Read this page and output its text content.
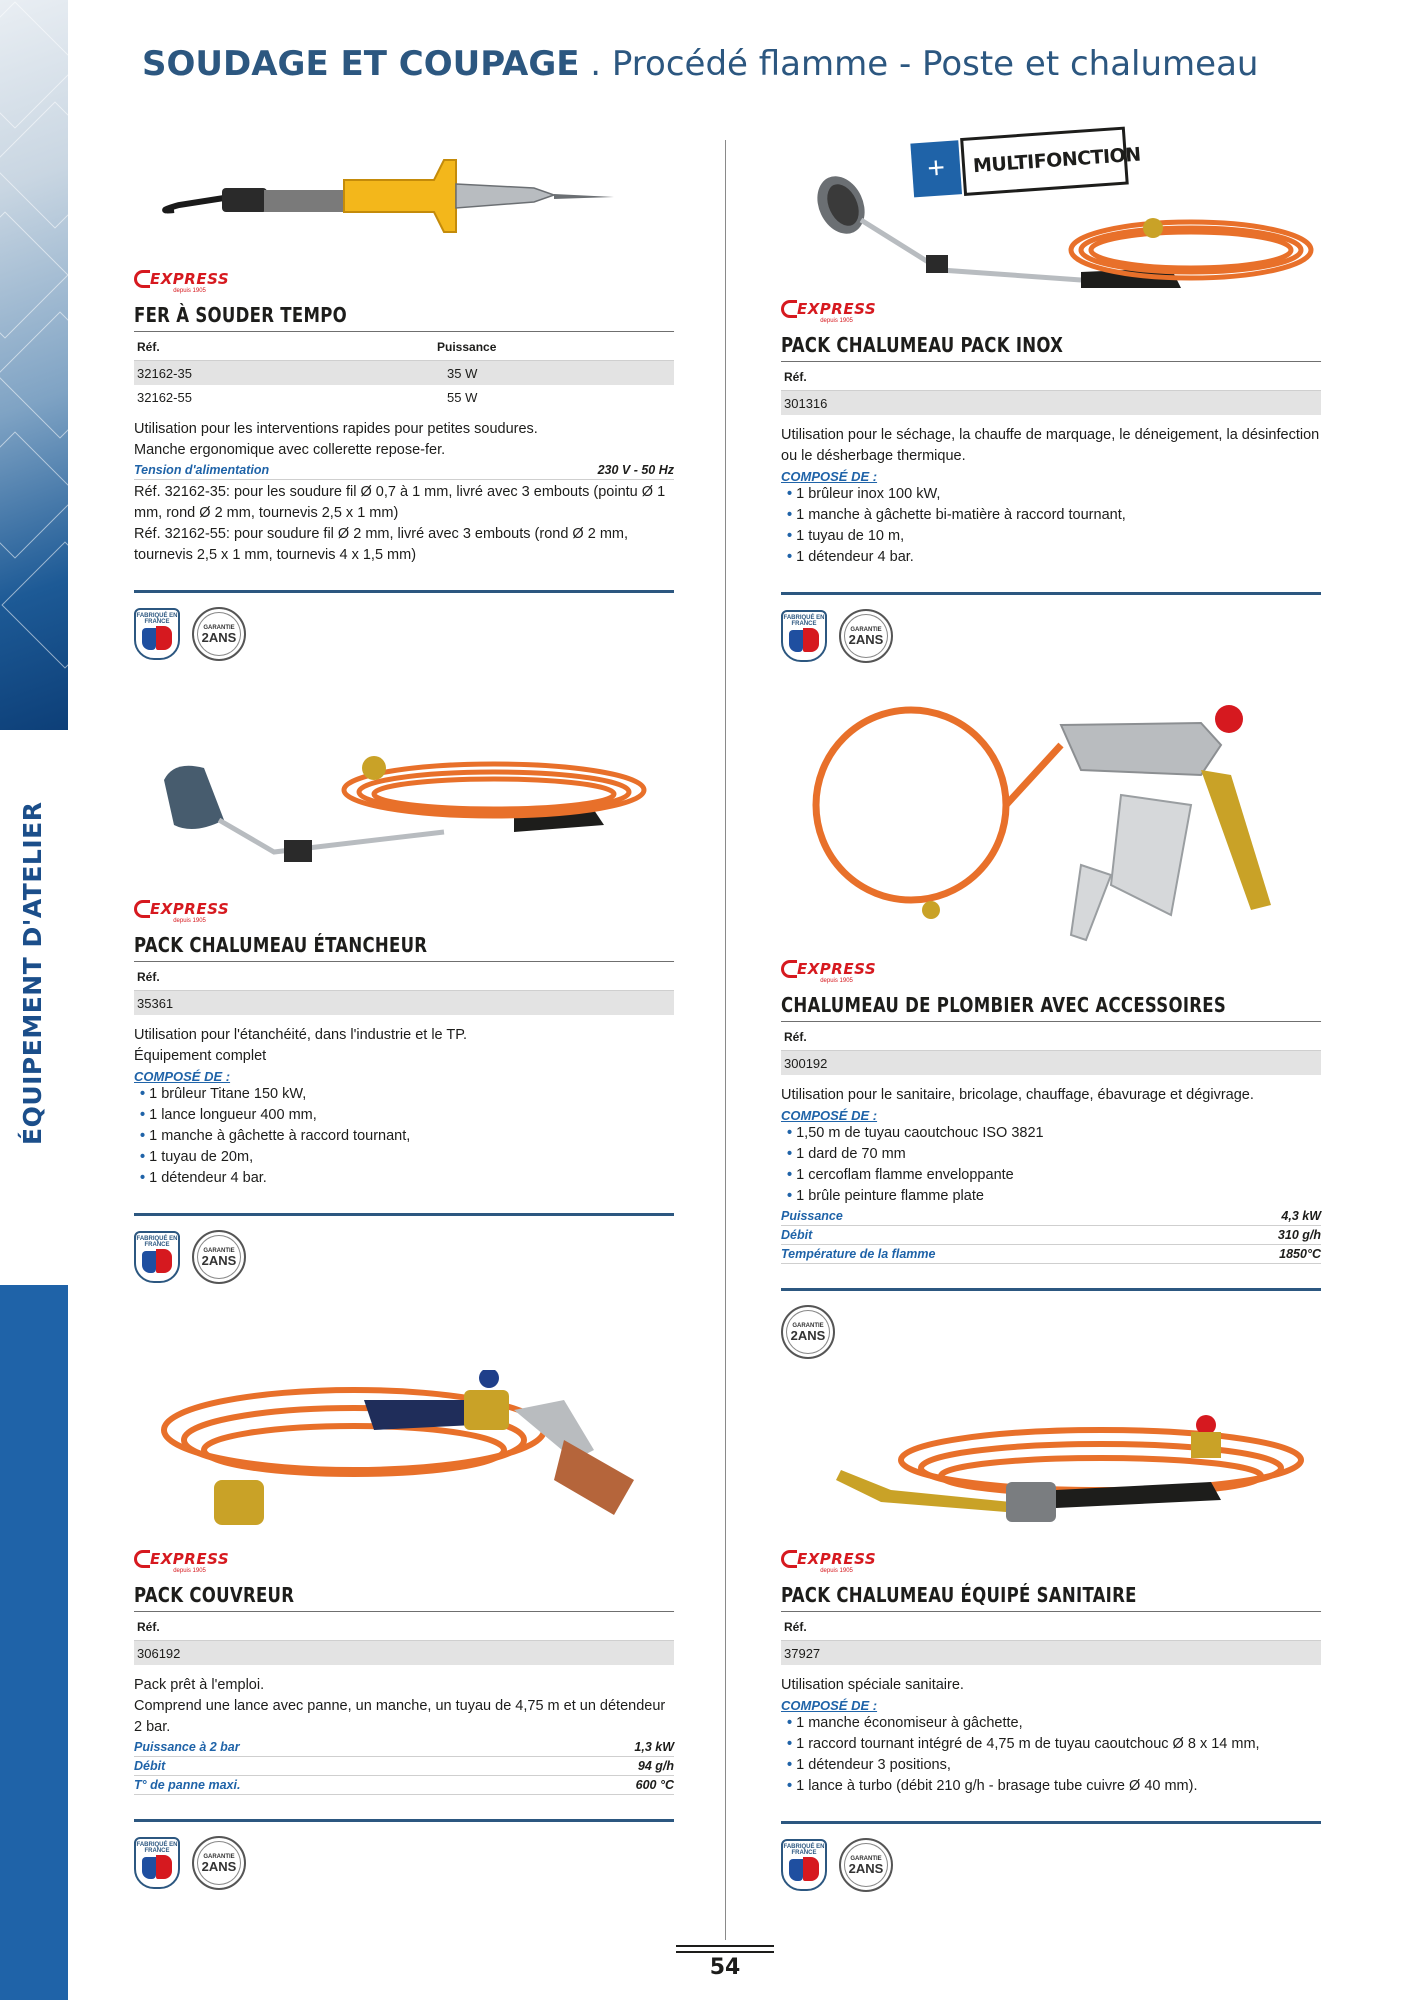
ÉQUIPEMENT D'ATELIER
SOUDAGE ET COUPAGE . Procédé flamme - Poste et chalumeau
EXPRESS
depuis 1905
FER À SOUDER TEMPO
Réf.	Puissance
32162-35	35 W
32162-55	55 W
Utilisation pour les interventions rapides pour petites soudures.
Manche ergonomique avec collerette repose-fer.
Tension d'alimentation	230 V - 50 Hz
Réf. 32162-35: pour les soudure fil Ø 0,7 à 1 mm, livré avec 3 embouts (pointu Ø 1 mm, rond Ø 2 mm, tournevis 2,5 x 1 mm)
Réf. 32162-55: pour soudure fil Ø 2 mm, livré avec 3 embouts (rond Ø 2 mm, tournevis 2,5 x 1 mm, tournevis 4 x 1,5 mm)
FABRIQUÉ EN FRANCE
GARANTIE
2ANS
+	MULTIFONCTION
EXPRESS
depuis 1905
PACK CHALUMEAU PACK INOX
Réf.
301316
Utilisation pour le séchage, la chauffe de marquage, le déneigement, la désinfection ou le désherbage thermique.
COMPOSÉ DE :
• 1 brûleur inox 100 kW,
• 1 manche à gâchette bi-matière à raccord tournant,
• 1 tuyau de 10 m,
• 1 détendeur 4 bar.
FABRIQUÉ EN FRANCE
GARANTIE
2ANS
EXPRESS
depuis 1905
PACK CHALUMEAU ÉTANCHEUR
Réf.
35361
Utilisation pour l'étanchéité, dans l'industrie et le TP.
Équipement complet
COMPOSÉ DE :
• 1 brûleur Titane 150 kW,
• 1 lance longueur 400 mm,
• 1 manche à gâchette à raccord tournant,
• 1 tuyau de 20m,
• 1 détendeur 4 bar.
FABRIQUÉ EN FRANCE
GARANTIE
2ANS
EXPRESS
depuis 1905
CHALUMEAU DE PLOMBIER AVEC ACCESSOIRES
Réf.
300192
Utilisation pour le sanitaire, bricolage, chauffage, ébavurage et dégivrage.
COMPOSÉ DE :
• 1,50 m de tuyau caoutchouc ISO 3821
• 1 dard de 70 mm
• 1 cercoflam flamme enveloppante
• 1 brûle peinture flamme plate
Puissance	4,3 kW
Débit	310 g/h
Température de la flamme	1850°C
GARANTIE
2ANS
EXPRESS
depuis 1905
PACK COUVREUR
Réf.
306192
Pack prêt à l'emploi.
Comprend une lance avec panne, un manche, un tuyau de 4,75 m et un détendeur 2 bar.
Puissance à 2 bar	1,3 kW
Débit	94 g/h
T° de panne maxi.	600 °C
FABRIQUÉ EN FRANCE
GARANTIE
2ANS
EXPRESS
depuis 1905
PACK CHALUMEAU ÉQUIPÉ SANITAIRE
Réf.
37927
Utilisation spéciale sanitaire.
COMPOSÉ DE :
• 1 manche économiseur à gâchette,
• 1 raccord tournant intégré de 4,75 m de tuyau caoutchouc Ø 8 x 14 mm,
• 1 détendeur 3 positions,
• 1 lance à turbo (débit 210 g/h - brasage tube cuivre Ø 40 mm).
FABRIQUÉ EN FRANCE
GARANTIE
2ANS
54
